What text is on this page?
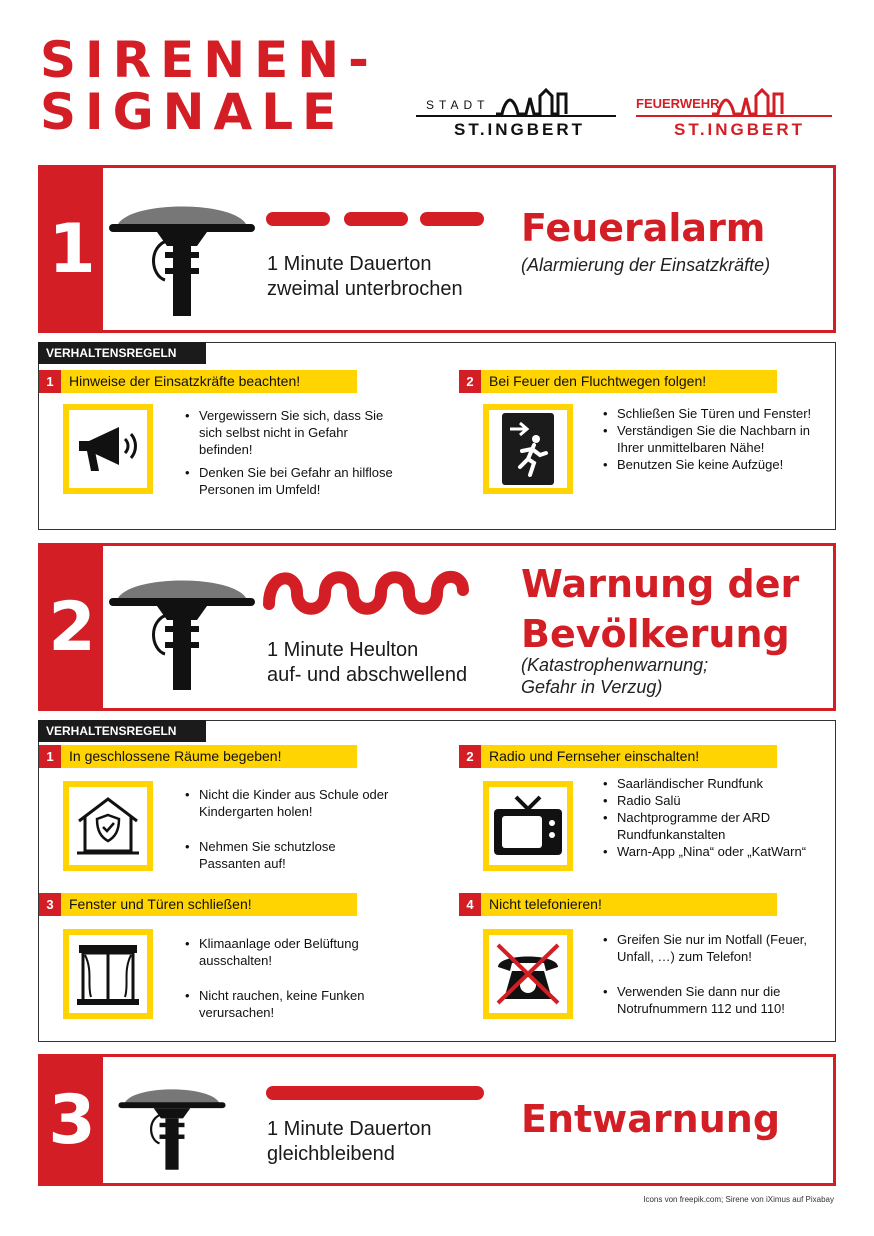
SIRENEN-
SIGNALE	STADT
ST.INGBERT
FEUERWEHR
ST.INGBERT
1	1 Minute Dauerton
zweimal unterbrochen
Feueralarm
(Alarmierung der Einsatzkräfte)
VERHALTENSREGELN
1	Hinweise der Einsatzkräfte beachten!
• Vergewissern Sie sich, dass Sie sich selbst nicht in Gefahr befinden!
• Denken Sie bei Gefahr an hilflose Personen im Umfeld!
2	Bei Feuer den Fluchtwegen folgen!
• Schließen Sie Türen und Fenster!
• Verständigen Sie die Nachbarn in Ihrer unmittelbaren Nähe!
• Benutzen Sie keine Aufzüge!
2	1 Minute Heulton
auf- und abschwellend
Warnung der
Bevölkerung
(Katastrophenwarnung;
Gefahr in Verzug)
VERHALTENSREGELN
1	In geschlossene Räume begeben!
• Nicht die Kinder aus Schule oder Kindergarten holen!
• Nehmen Sie schutzlose Passanten auf!
2	Radio und Fernseher einschalten!
• Saarländischer Rundfunk
• Radio Salü
• Nachtprogramme der ARD Rundfunkanstalten
• Warn-App „Nina“ oder „KatWarn“
3	Fenster und Türen schließen!
• Klimaanlage oder Belüftung ausschalten!
• Nicht rauchen, keine Funken verursachen!
4	Nicht telefonieren!
• Greifen Sie nur im Notfall (Feuer, Unfall, …) zum Telefon!
• Verwenden Sie dann nur die Notrufnummern 112 und 110!
3	1 Minute Dauerton
gleichbleibend
Entwarnung
Icons von freepik.com; Sirene von iXimus auf Pixabay
